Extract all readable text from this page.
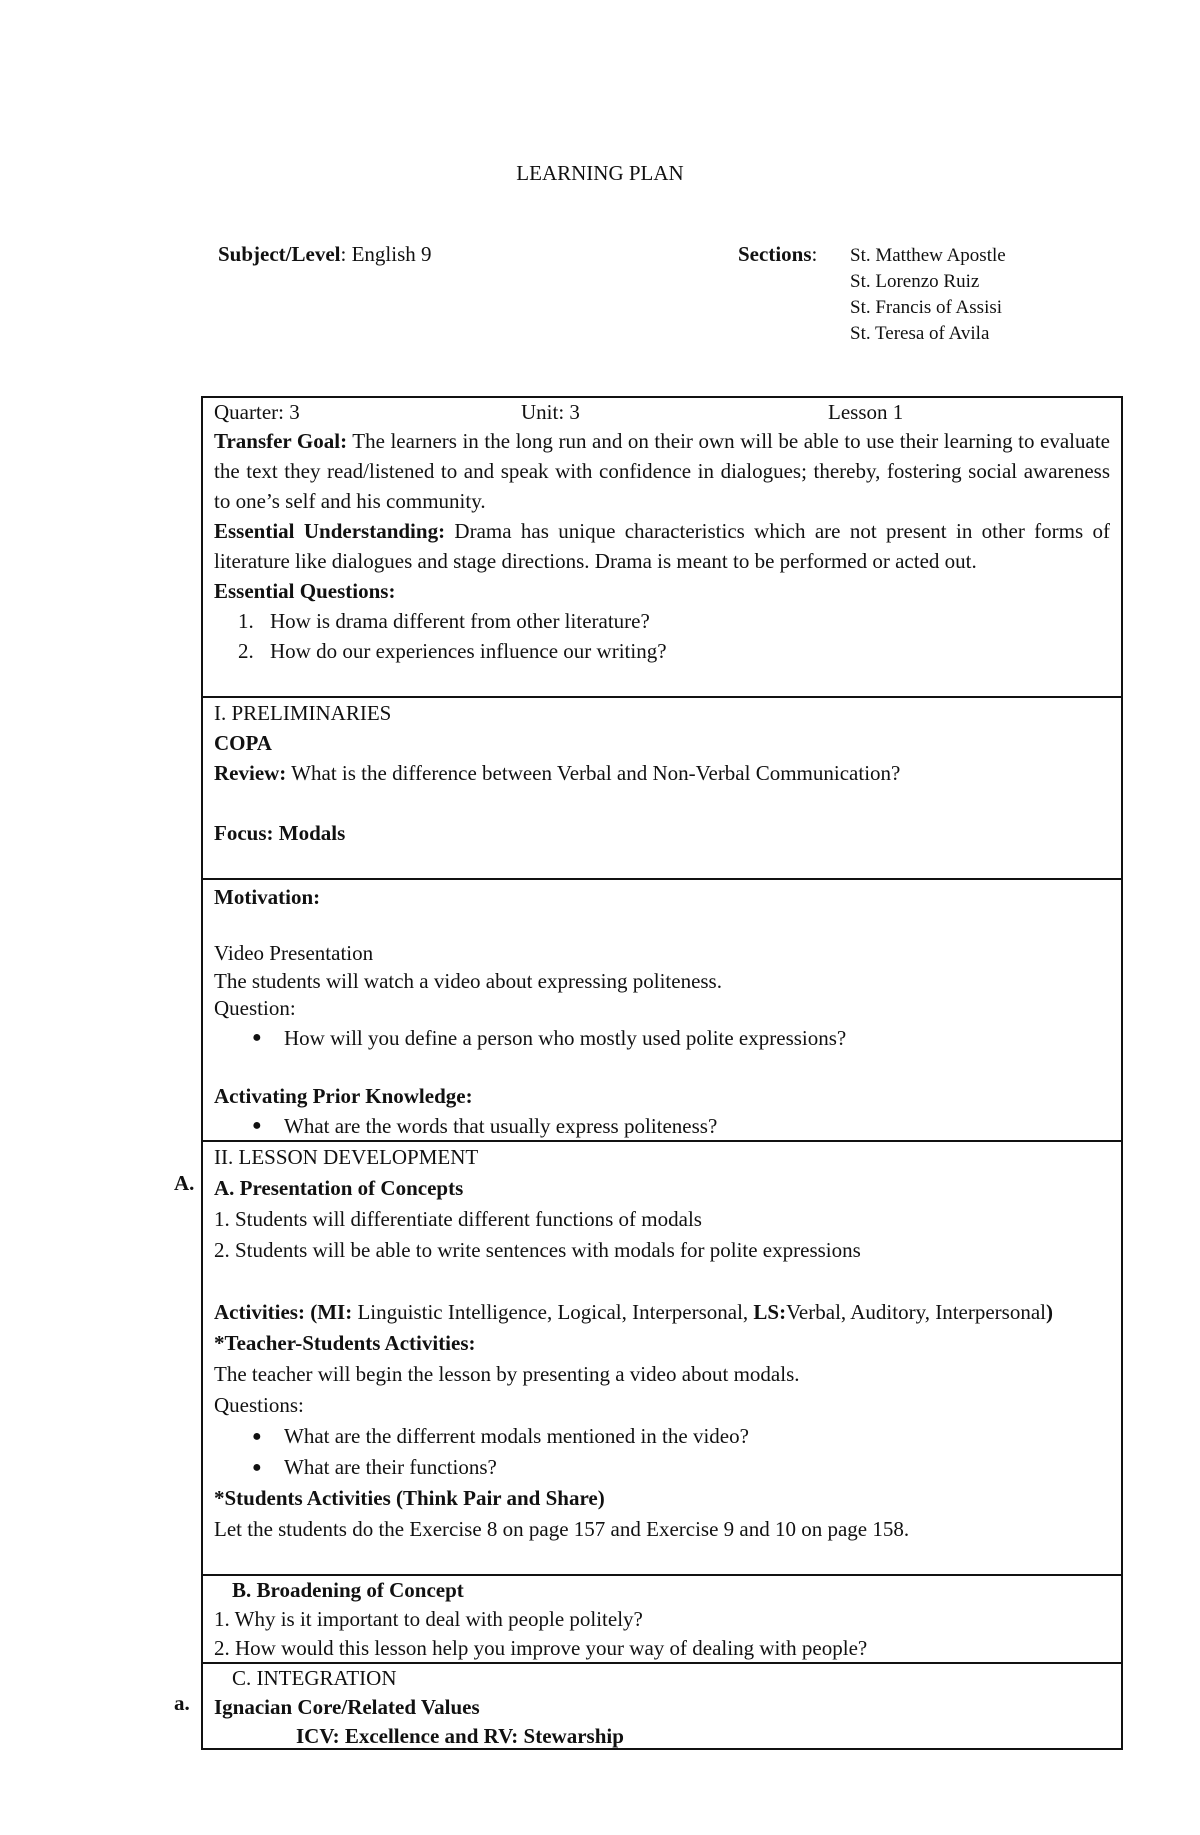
LEARNING PLAN
Subject/Level: English 9	Sections: St. Matthew Apostle
St. Lorenzo Ruiz
St. Francis of Assisi
St. Teresa of Avila
A.
a.
Quarter: 3	Unit: 3	Lesson 1
Transfer Goal: The learners in the long run and on their own will be able to use their learning to evaluate the text they read/listened to and speak with confidence in dialogues; thereby, fostering social awareness to one’s self and his community.
Essential Understanding: Drama has unique characteristics which are not present in other forms of literature like dialogues and stage directions. Drama is meant to be performed or acted out.
Essential Questions:
1. How is drama different from other literature?
2. How do our experiences influence our writing?
I. PRELIMINARIES
COPA
Review: What is the difference between Verbal and Non-Verbal Communication?
Focus: Modals
Motivation:
Video Presentation
The students will watch a video about expressing politeness.
Question:
●	How will you define a person who mostly used polite expressions?
Activating Prior Knowledge:
●	What are the words that usually express politeness?
II. LESSON DEVELOPMENT
A. Presentation of Concepts
1. Students will differentiate different functions of modals
2. Students will be able to write sentences with modals for polite expressions
Activities: (MI: Linguistic Intelligence, Logical, Interpersonal, LS:Verbal, Auditory, Interpersonal)
*Teacher-Students Activities:
The teacher will begin the lesson by presenting a video about modals.
Questions:
●	What are the differrent modals mentioned in the video?
●	What are their functions?
*Students Activities (Think Pair and Share)
Let the students do the Exercise 8 on page 157 and Exercise 9 and 10 on page 158.
B. Broadening of Concept
1. Why is it important to deal with people politely?
2. How would this lesson help you improve your way of dealing with people?
C. INTEGRATION
Ignacian Core/Related Values
ICV: Excellence and RV: Stewarship
